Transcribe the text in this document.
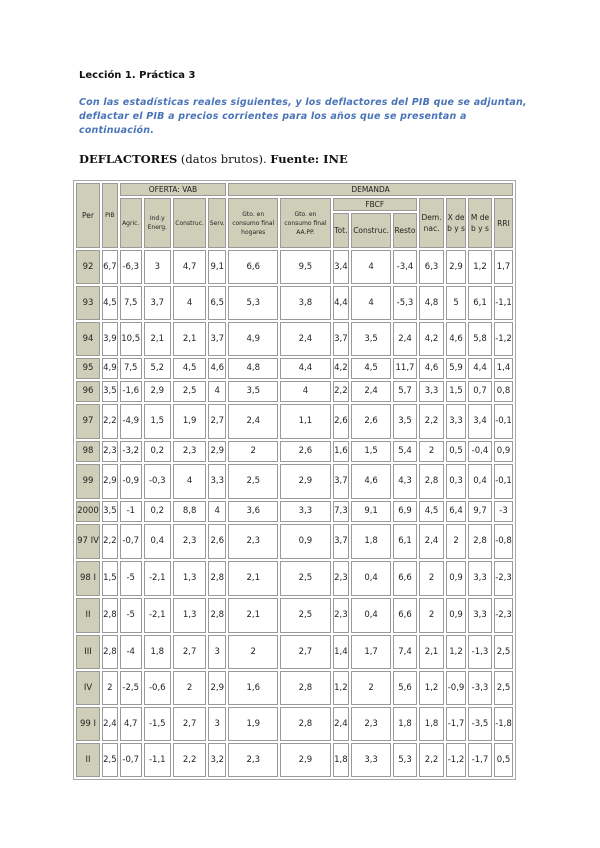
Lección 1. Práctica 3
Con las estadísticas reales siguientes, y los deflactores del PIB que se adjuntan, deflactar el PIB a precios corrientes para los años que se presentan a continuación.
DEFLACTORES (datos brutos). Fuente: INE
Per	PIB	OFERTA: VAB				DEMANDA								
		Agric.	Ind.y Energ.	Construc.	Serv.	Gto. en consumo final hogares	Gto. en consumo final AA.PP.	FBCF			Dem. nac.	X de b y s	M de b y s	RRI
								Tot.	Construc.	Resto				
92	6,7	-6,3	3	4,7	9,1	6,6	9,5	3,4	4	-3,4	6,3	2,9	1,2	1,7
93	4,5	7,5	3,7	4	6,5	5,3	3,8	4,4	4	-5,3	4,8	5	6,1	-1,1
94	3,9	10,5	2,1	2,1	3,7	4,9	2,4	3,7	3,5	2,4	4,2	4,6	5,8	-1,2
95	4,9	7,5	5,2	4,5	4,6	4,8	4,4	4,2	4,5	11,7	4,6	5,9	4,4	1,4
96	3,5	-1,6	2,9	2,5	4	3,5	4	2,2	2,4	5,7	3,3	1,5	0,7	0,8
97	2,2	-4,9	1,5	1,9	2,7	2,4	1,1	2,6	2,6	3,5	2,2	3,3	3,4	-0,1
98	2,3	-3,2	0,2	2,3	2,9	2	2,6	1,6	1,5	5,4	2	0,5	-0,4	0,9
99	2,9	-0,9	-0,3	4	3,3	2,5	2,9	3,7	4,6	4,3	2,8	0,3	0,4	-0,1
2000	3,5	-1	0,2	8,8	4	3,6	3,3	7,3	9,1	6,9	4,5	6,4	9,7	-3
97 IV	2,2	-0,7	0,4	2,3	2,6	2,3	0,9	3,7	1,8	6,1	2,4	2	2,8	-0,8
98 I	1,5	-5	-2,1	1,3	2,8	2,1	2,5	2,3	0,4	6,6	2	0,9	3,3	-2,3
II	2,8	-5	-2,1	1,3	2,8	2,1	2,5	2,3	0,4	6,6	2	0,9	3,3	-2,3
III	2,8	-4	1,8	2,7	3	2	2,7	1,4	1,7	7,4	2,1	1,2	-1,3	2,5
IV	2	-2,5	-0,6	2	2,9	1,6	2,8	1,2	2	5,6	1,2	-0,9	-3,3	2,5
99 I	2,4	4,7	-1,5	2,7	3	1,9	2,8	2,4	2,3	1,8	1,8	-1,7	-3,5	-1,8
II	2,5	-0,7	-1,1	2,2	3,2	2,3	2,9	1,8	3,3	5,3	2,2	-1,2	-1,7	0,5
